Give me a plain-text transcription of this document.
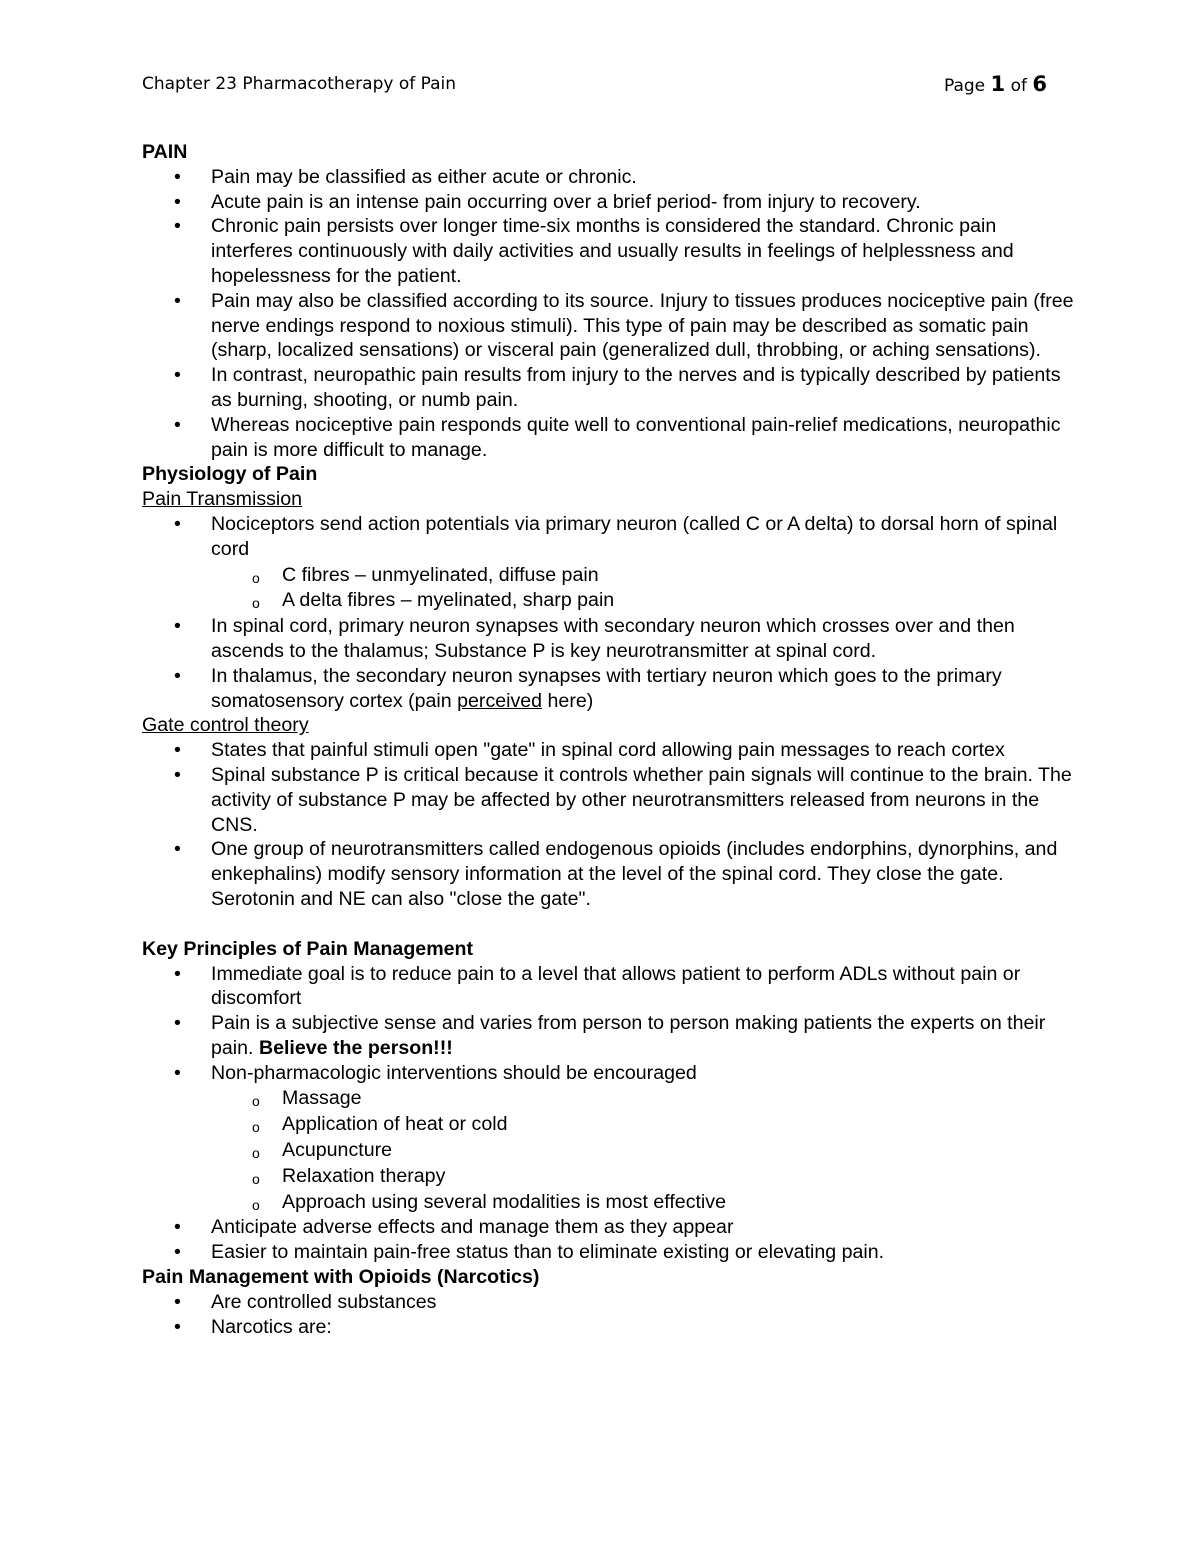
Chapter 23 Pharmacotherapy of Pain	Page 1 of 6
PAIN
• Pain may be classified as either acute or chronic.
• Acute pain is an intense pain occurring over a brief period- from injury to recovery.
• Chronic pain persists over longer time-six months is considered the standard. Chronic pain interferes continuously with daily activities and usually results in feelings of helplessness and hopelessness for the patient.
• Pain may also be classified according to its source. Injury to tissues produces nociceptive pain (free nerve endings respond to noxious stimuli). This type of pain may be described as somatic pain (sharp, localized sensations) or visceral pain (generalized dull, throbbing, or aching sensations).
• In contrast, neuropathic pain results from injury to the nerves and is typically described by patients as burning, shooting, or numb pain.
• Whereas nociceptive pain responds quite well to conventional pain-relief medications, neuropathic pain is more difficult to manage.
Physiology of Pain
Pain Transmission
• Nociceptors send action potentials via primary neuron (called C or A delta) to dorsal horn of spinal cord
o C fibres – unmyelinated, diffuse pain
o A delta fibres – myelinated, sharp pain
• In spinal cord, primary neuron synapses with secondary neuron which crosses over and then ascends to the thalamus; Substance P is key neurotransmitter at spinal cord.
• In thalamus, the secondary neuron synapses with tertiary neuron which goes to the primary somatosensory cortex (pain perceived here)
Gate control theory
• States that painful stimuli open "gate" in spinal cord allowing pain messages to reach cortex
• Spinal substance P is critical because it controls whether pain signals will continue to the brain. The activity of substance P may be affected by other neurotransmitters released from neurons in the CNS.
• One group of neurotransmitters called endogenous opioids (includes endorphins, dynorphins, and enkephalins) modify sensory information at the level of the spinal cord. They close the gate. Serotonin and NE can also "close the gate".
Key Principles of Pain Management
• Immediate goal is to reduce pain to a level that allows patient to perform ADLs without pain or discomfort
• Pain is a subjective sense and varies from person to person making patients the experts on their pain. Believe the person!!!
• Non-pharmacologic interventions should be encouraged
o Massage
o Application of heat or cold
o Acupuncture
o Relaxation therapy
o Approach using several modalities is most effective
• Anticipate adverse effects and manage them as they appear
• Easier to maintain pain-free status than to eliminate existing or elevating pain.
Pain Management with Opioids (Narcotics)
• Are controlled substances
• Narcotics are:
